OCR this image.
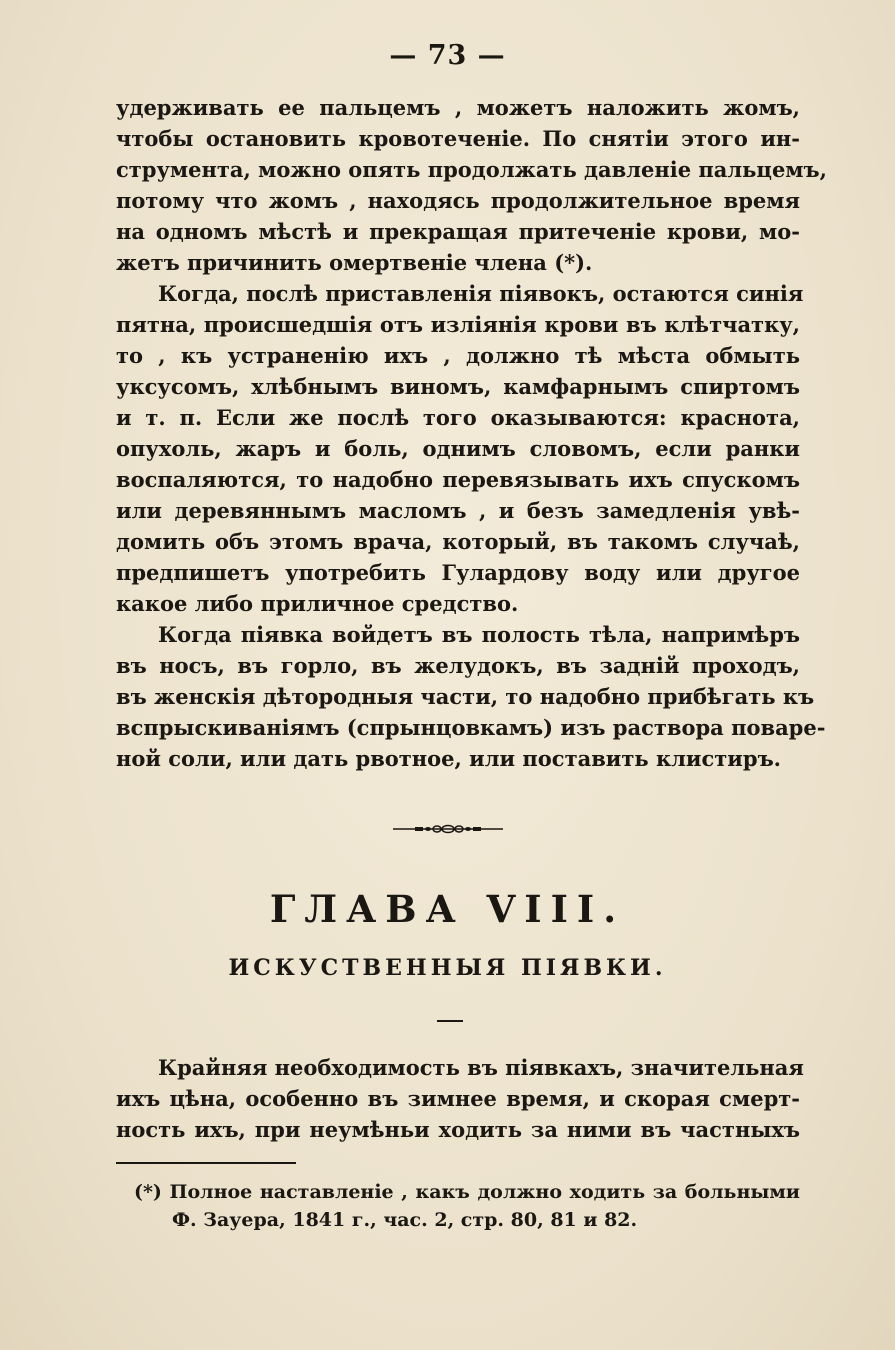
— 73 —
удерживать ее пальцемъ , можетъ наложить жомъ,
чтобы остановить кровотеченіе. По снятіи этого ин-
струмента, можно опять продолжать давленіе пальцемъ,
потому что жомъ , находясь продолжительное время
на одномъ мѣстѣ и прекращая притеченіе крови, мо-
жетъ причинить омертвеніе члена (*).
Когда, послѣ приставленія піявокъ, остаются синія
пятна, происшедшія отъ изліянія крови въ клѣтчатку,
то , къ устраненію ихъ , должно тѣ мѣста обмыть
уксусомъ, хлѣбнымъ виномъ, камфарнымъ спиртомъ
и т. п. Если же послѣ того оказываются: краснота,
опухоль, жаръ и боль, однимъ словомъ, если ранки
воспаляются, то надобно перевязывать ихъ спускомъ
или деревяннымъ масломъ , и безъ замедленія увѣ-
домить объ этомъ врача, который, въ такомъ случаѣ,
предпишетъ употребить Гулардову воду или другое
какое либо приличное средство.
Когда піявка войдетъ въ полость тѣла, напримѣръ
въ носъ, въ горло, въ желудокъ, въ заднiй проходъ,
въ женскія дѣтородныя части, то надобно прибѣгать къ
вспрыскиваніямъ (спрынцовкамъ) изъ раствора поваре-
ной соли, или дать рвотное, или поставить клистиръ.
ГЛАВА VIII.
ИСКУСТВЕННЫЯ ПІЯВКИ.
Крайняя необходимость въ піявкахъ, значительная
ихъ цѣна, особенно въ зимнее время, и скорая смерт-
ность ихъ, при неумѣньи ходить за ними въ частныхъ
(*) Полное наставленіе , какъ должно ходить за больными
Ф. Зауера, 1841 г., час. 2, стр. 80, 81 и 82.
